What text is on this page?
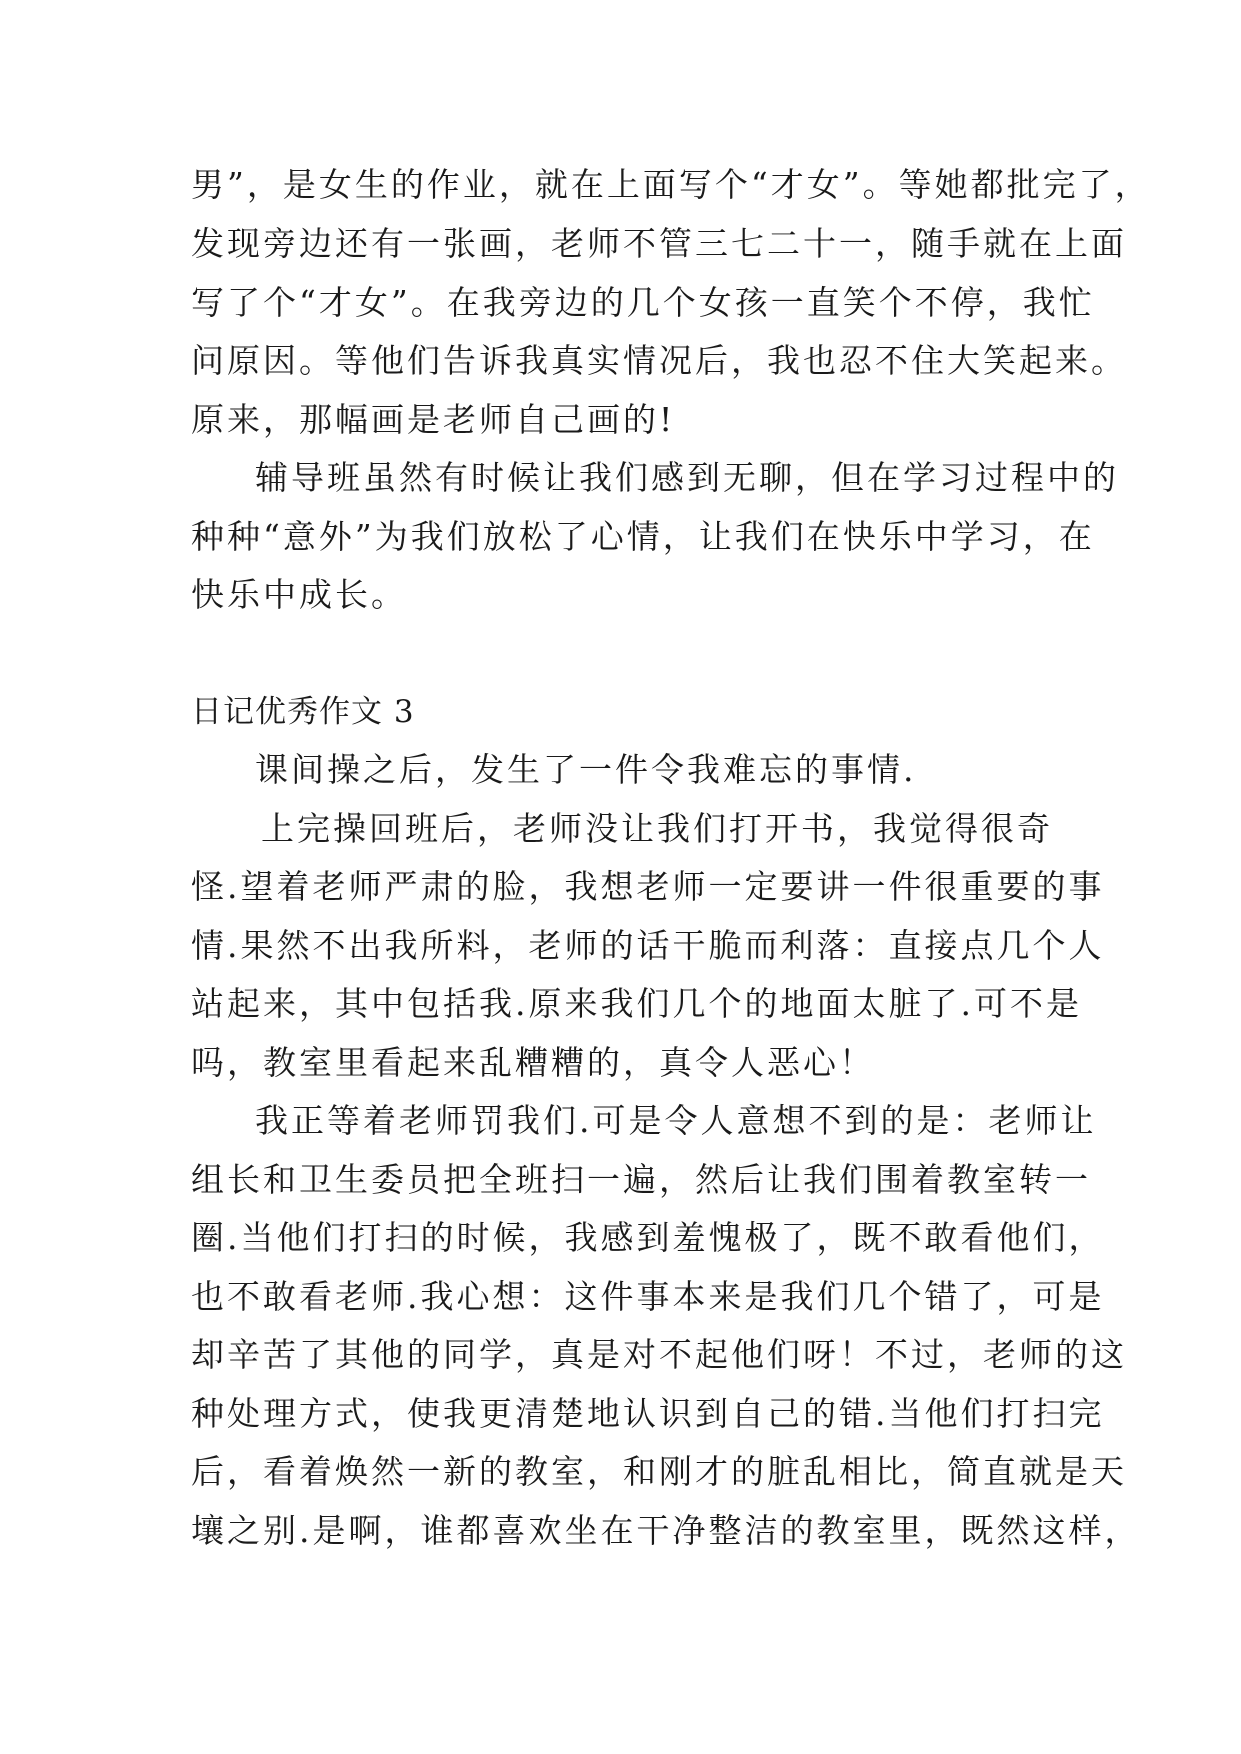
男”，是女生的作业，就在上面写个“才女”。等她都批完了，
发现旁边还有一张画，老师不管三七二十一，随手就在上面
写了个“才女”。在我旁边的几个女孩一直笑个不停，我忙
问原因。等他们告诉我真实情况后，我也忍不住大笑起来。
原来，那幅画是老师自己画的!
辅导班虽然有时候让我们感到无聊，但在学习过程中的
种种“意外”为我们放松了心情，让我们在快乐中学习，在
快乐中成长。
日记优秀作文 3
课间操之后，发生了一件令我难忘的事情.
上完操回班后，老师没让我们打开书，我觉得很奇
怪.望着老师严肃的脸，我想老师一定要讲一件很重要的事
情.果然不出我所料，老师的话干脆而利落：直接点几个人
站起来，其中包括我.原来我们几个的地面太脏了.可不是
吗，教室里看起来乱糟糟的，真令人恶心！
我正等着老师罚我们.可是令人意想不到的是：老师让
组长和卫生委员把全班扫一遍，然后让我们围着教室转一
圈.当他们打扫的时候，我感到羞愧极了，既不敢看他们，
也不敢看老师.我心想：这件事本来是我们几个错了，可是
却辛苦了其他的同学，真是对不起他们呀！不过，老师的这
种处理方式，使我更清楚地认识到自己的错.当他们打扫完
后，看着焕然一新的教室，和刚才的脏乱相比，简直就是天
壤之别.是啊，谁都喜欢坐在干净整洁的教室里，既然这样，
